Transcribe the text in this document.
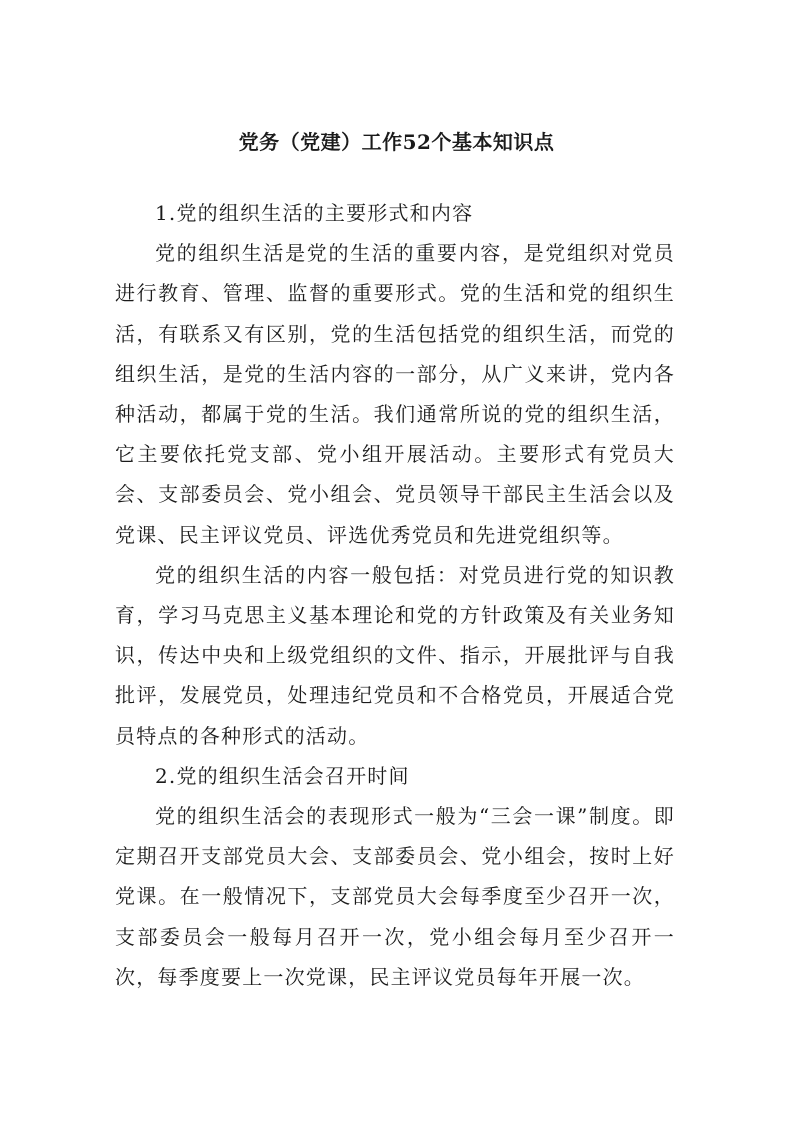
党务（党建）工作52个基本知识点

1.党的组织生活的主要形式和内容

党的组织生活是党的生活的重要内容，是党组织对党员进行教育、管理、监督的重要形式。党的生活和党的组织生活，有联系又有区别，党的生活包括党的组织生活，而党的组织生活，是党的生活内容的一部分，从广义来讲，党内各种活动，都属于党的生活。我们通常所说的党的组织生活，它主要依托党支部、党小组开展活动。主要形式有党员大会、支部委员会、党小组会、党员领导干部民主生活会以及党课、民主评议党员、评选优秀党员和先进党组织等。

党的组织生活的内容一般包括：对党员进行党的知识教育，学习马克思主义基本理论和党的方针政策及有关业务知识，传达中央和上级党组织的文件、指示，开展批评与自我批评，发展党员，处理违纪党员和不合格党员，开展适合党员特点的各种形式的活动。

2.党的组织生活会召开时间

党的组织生活会的表现形式一般为“三会一课”制度。即定期召开支部党员大会、支部委员会、党小组会，按时上好党课。在一般情况下，支部党员大会每季度至少召开一次，支部委员会一般每月召开一次，党小组会每月至少召开一次，每季度要上一次党课，民主评议党员每年开展一次。
